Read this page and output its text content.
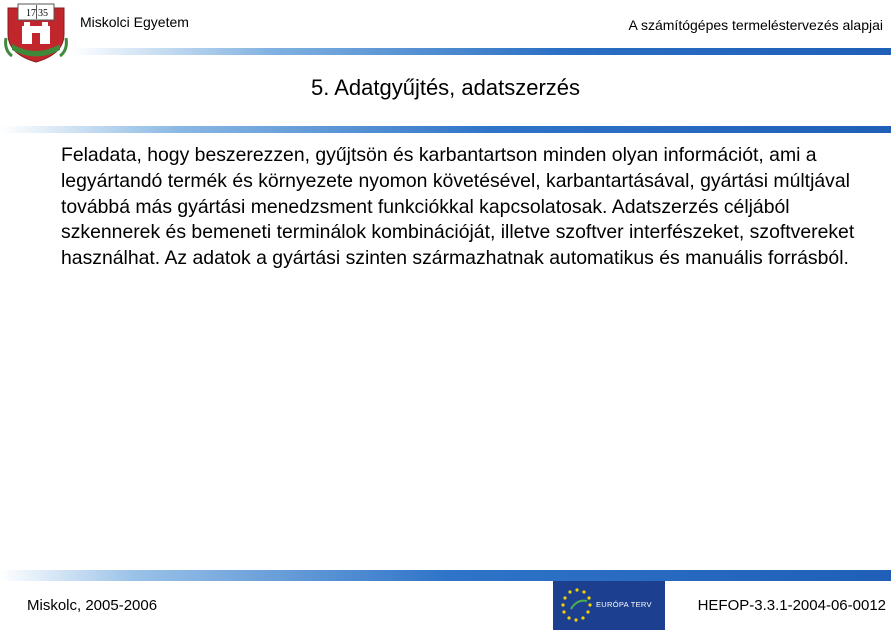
17 35
Miskolci Egyetem	A számítógépes termeléstervezés alapjai
5. Adatgyűjtés, adatszerzés
Feladata, hogy beszerezzen, gyűjtsön és karbantartson minden olyan információt, ami a legyártandó termék és környezete nyomon követésével, karbantartásával, gyártási múltjával továbbá más gyártási menedzsment funkciókkal kapcsolatosak. Adatszerzés céljából szkennerek és bemeneti terminálok kombinációját, illetve szoftver interfészeket, szoftvereket használhat. Az adatok a gyártási szinten származhatnak automatikus és manuális forrásból.
Miskolc, 2005-2006	EURÓPA TERV	HEFOP-3.3.1-2004-06-0012
